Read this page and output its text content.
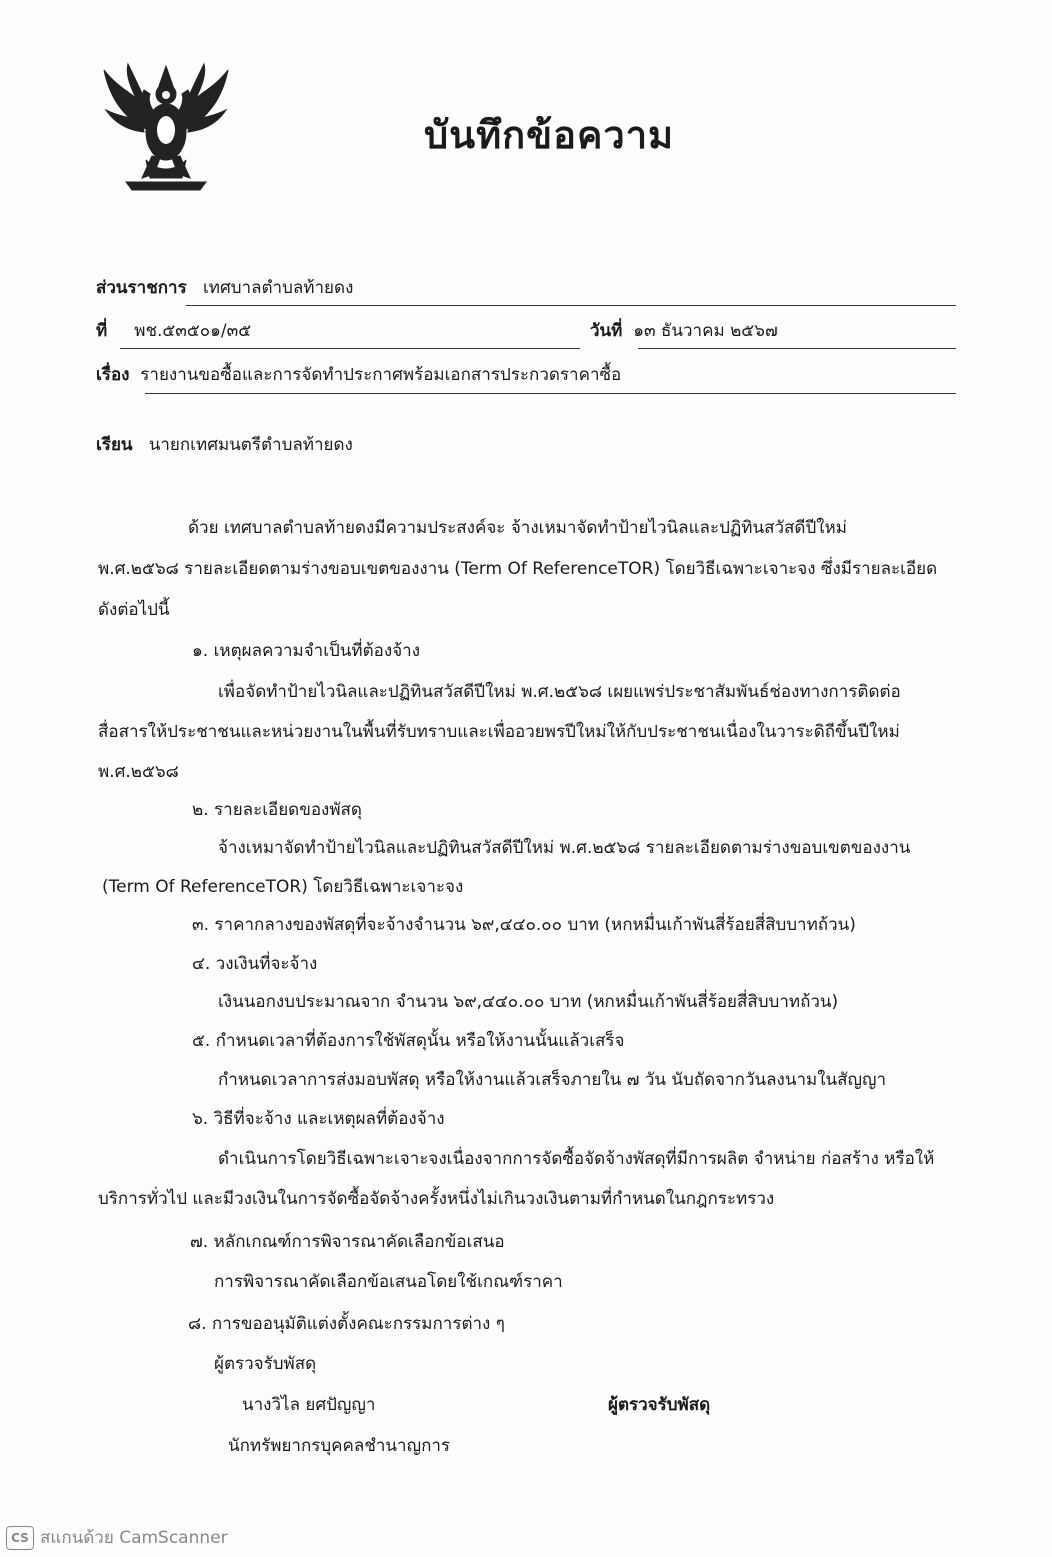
บันทึกข้อความ
ส่วนราชการ เทศบาลตำบลท้ายดง
ที่ พช.๕๓๕๐๑/๓๕	วันที่ ๑๓ ธันวาคม ๒๕๖๗
เรื่อง รายงานขอซื้อและการจัดทำประกาศพร้อมเอกสารประกวดราคาซื้อ
เรียน นายกเทศมนตรีตำบลท้ายดง
ด้วย เทศบาลตำบลท้ายดงมีความประสงค์จะ จ้างเหมาจัดทำป้ายไวนิลและปฏิทินสวัสดีปีใหม่
พ.ศ.๒๕๖๘ รายละเอียดตามร่างขอบเขตของงาน (Term Of ReferenceTOR) โดยวิธีเฉพาะเจาะจง ซึ่งมีรายละเอียด
ดังต่อไปนี้
๑. เหตุผลความจำเป็นที่ต้องจ้าง
เพื่อจัดทำป้ายไวนิลและปฏิทินสวัสดีปีใหม่ พ.ศ.๒๕๖๘ เผยแพร่ประชาสัมพันธ์ช่องทางการติดต่อ
สื่อสารให้ประชาชนและหน่วยงานในพื้นที่รับทราบและเพื่ออวยพรปีใหม่ให้กับประชาชนเนื่องในวาระดิถีขึ้นปีใหม่
พ.ศ.๒๕๖๘
๒. รายละเอียดของพัสดุ
จ้างเหมาจัดทำป้ายไวนิลและปฏิทินสวัสดีปีใหม่ พ.ศ.๒๕๖๘ รายละเอียดตามร่างขอบเขตของงาน
(Term Of ReferenceTOR) โดยวิธีเฉพาะเจาะจง
๓. ราคากลางของพัสดุที่จะจ้างจำนวน ๖๙,๔๔๐.๐๐ บาท (หกหมื่นเก้าพันสี่ร้อยสี่สิบบาทถ้วน)
๔. วงเงินที่จะจ้าง
เงินนอกงบประมาณจาก จำนวน ๖๙,๔๔๐.๐๐ บาท (หกหมื่นเก้าพันสี่ร้อยสี่สิบบาทถ้วน)
๕. กำหนดเวลาที่ต้องการใช้พัสดุนั้น หรือให้งานนั้นแล้วเสร็จ
กำหนดเวลาการส่งมอบพัสดุ หรือให้งานแล้วเสร็จภายใน ๗ วัน นับถัดจากวันลงนามในสัญญา
๖. วิธีที่จะจ้าง และเหตุผลที่ต้องจ้าง
ดำเนินการโดยวิธีเฉพาะเจาะจงเนื่องจากการจัดซื้อจัดจ้างพัสดุที่มีการผลิต จำหน่าย ก่อสร้าง หรือให้
บริการทั่วไป และมีวงเงินในการจัดซื้อจัดจ้างครั้งหนึ่งไม่เกินวงเงินตามที่กำหนดในกฎกระทรวง
๗. หลักเกณฑ์การพิจารณาคัดเลือกข้อเสนอ
การพิจารณาคัดเลือกข้อเสนอโดยใช้เกณฑ์ราคา
๘. การขออนุมัติแต่งตั้งคณะกรรมการต่าง ๆ
ผู้ตรวจรับพัสดุ
นางวิไล ยศปัญญา	ผู้ตรวจรับพัสดุ
นักทรัพยากรบุคคลชำนาญการ
CS สแกนด้วย CamScanner
